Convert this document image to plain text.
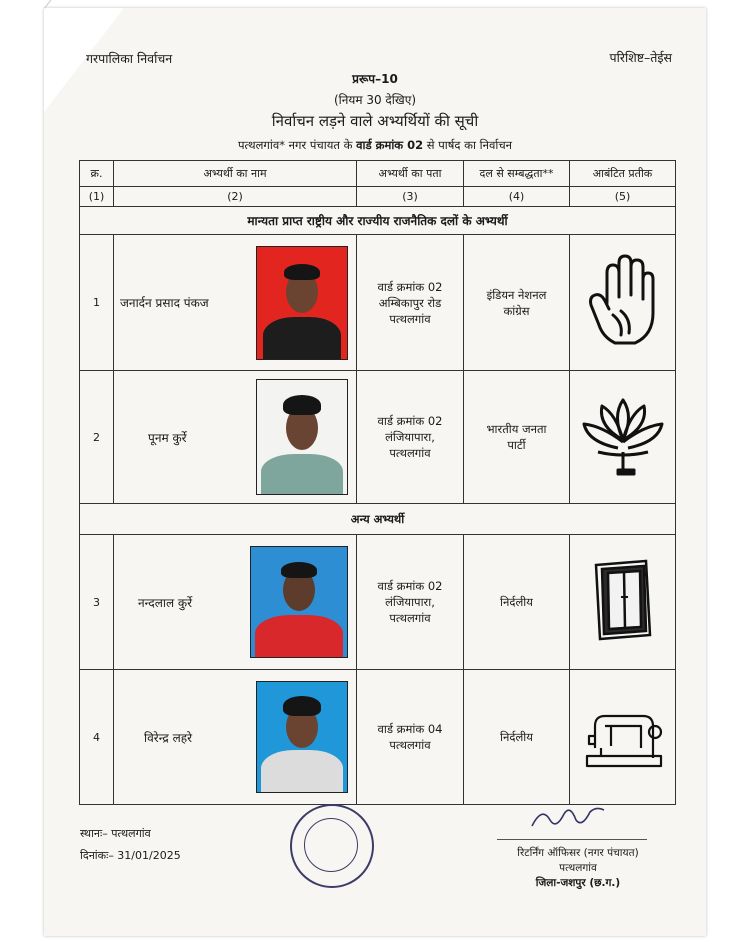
गरपालिका निर्वाचन	परिशिष्ट–तेईस
प्ररूप–10
(नियम 30 देखिए)
निर्वाचन लड़ने वाले अभ्यर्थियों की सूची
पत्थलगांव* नगर पंचायत के वार्ड क्रमांक 02 से पार्षद का निर्वाचन
क्र.	अभ्यर्थी का नाम	अभ्यर्थी का पता	दल से सम्बद्धता**	आबंटित प्रतीक
(1)	(2)	(3)	(4)	(5)
मान्यता प्राप्त राष्ट्रीय और राज्यीय राजनैतिक दलों के अभ्यर्थी				
1	जनार्दन प्रसाद पंकज	वार्ड क्रमांक 02
अम्बिकापुर रोड
पत्थलगांव	इंडियन नेशनल कांग्रेस

2	पूनम कुर्रे	वार्ड क्रमांक 02
लंजियापारा,
पत्थलगांव	भारतीय जनता पार्टी

अन्य अभ्यर्थी				
3	नन्दलाल कुर्रे	वार्ड क्रमांक 02
लंजियापारा,
पत्थलगांव	निर्दलीय

4	विरेन्द्र लहरे	वार्ड क्रमांक 04
पत्थलगांव	निर्दलीय

स्थानः– पत्थलगांव
दिनांकः– 31/01/2025	रिटर्निंग ऑफिसर (नगर पंचायत)
पत्थलगांव
जिला-जशपुर (छ.ग.)
